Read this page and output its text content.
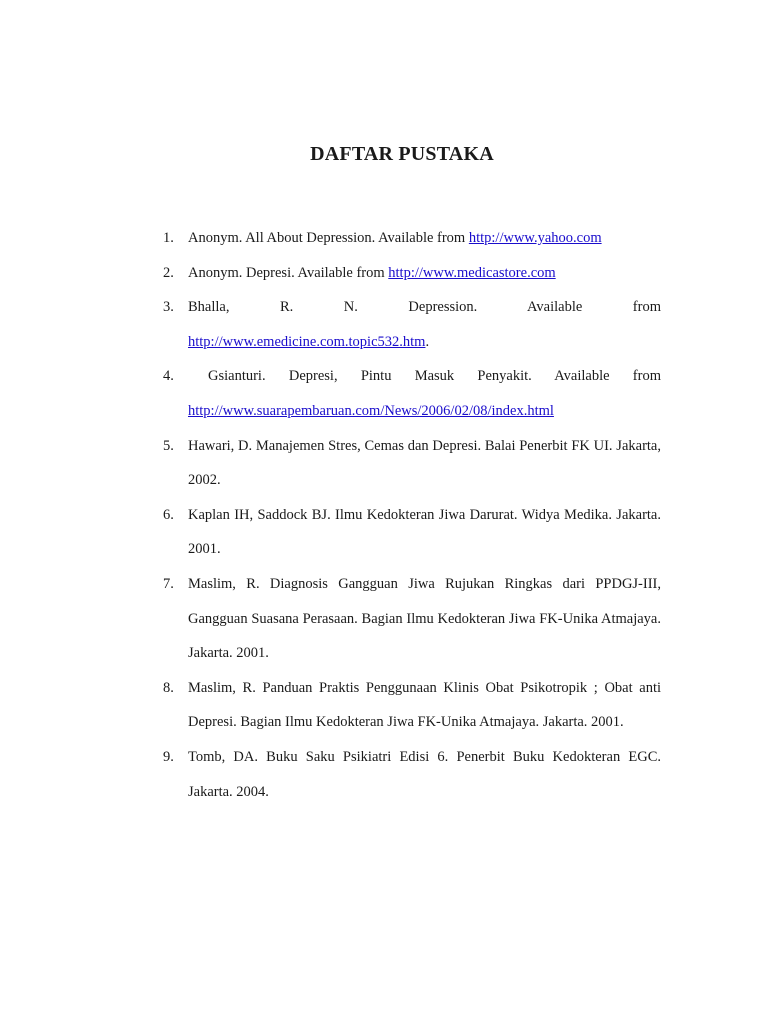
DAFTAR PUSTAKA
1. Anonym. All About Depression. Available from http://www.yahoo.com
2. Anonym. Depresi. Available from http://www.medicastore.com
3. Bhalla, R. N. Depression. Available from
http://www.emedicine.com.topic532.htm.
4.	Gsianturi. Depresi, Pintu Masuk Penyakit. Available from
http://www.suarapembaruan.com/News/2006/02/08/index.html
5. Hawari, D. Manajemen Stres, Cemas dan Depresi. Balai Penerbit FK UI. Jakarta, 2002.
6. Kaplan IH, Saddock BJ. Ilmu Kedokteran Jiwa Darurat. Widya Medika. Jakarta. 2001.
7. Maslim, R. Diagnosis Gangguan Jiwa Rujukan Ringkas dari PPDGJ-III, Gangguan Suasana Perasaan. Bagian Ilmu Kedokteran Jiwa FK-Unika Atmajaya. Jakarta. 2001.
8. Maslim, R. Panduan Praktis Penggunaan Klinis Obat Psikotropik ; Obat anti Depresi. Bagian Ilmu Kedokteran Jiwa FK-Unika Atmajaya. Jakarta. 2001.
9. Tomb, DA. Buku Saku Psikiatri Edisi 6. Penerbit Buku Kedokteran EGC. Jakarta. 2004.
